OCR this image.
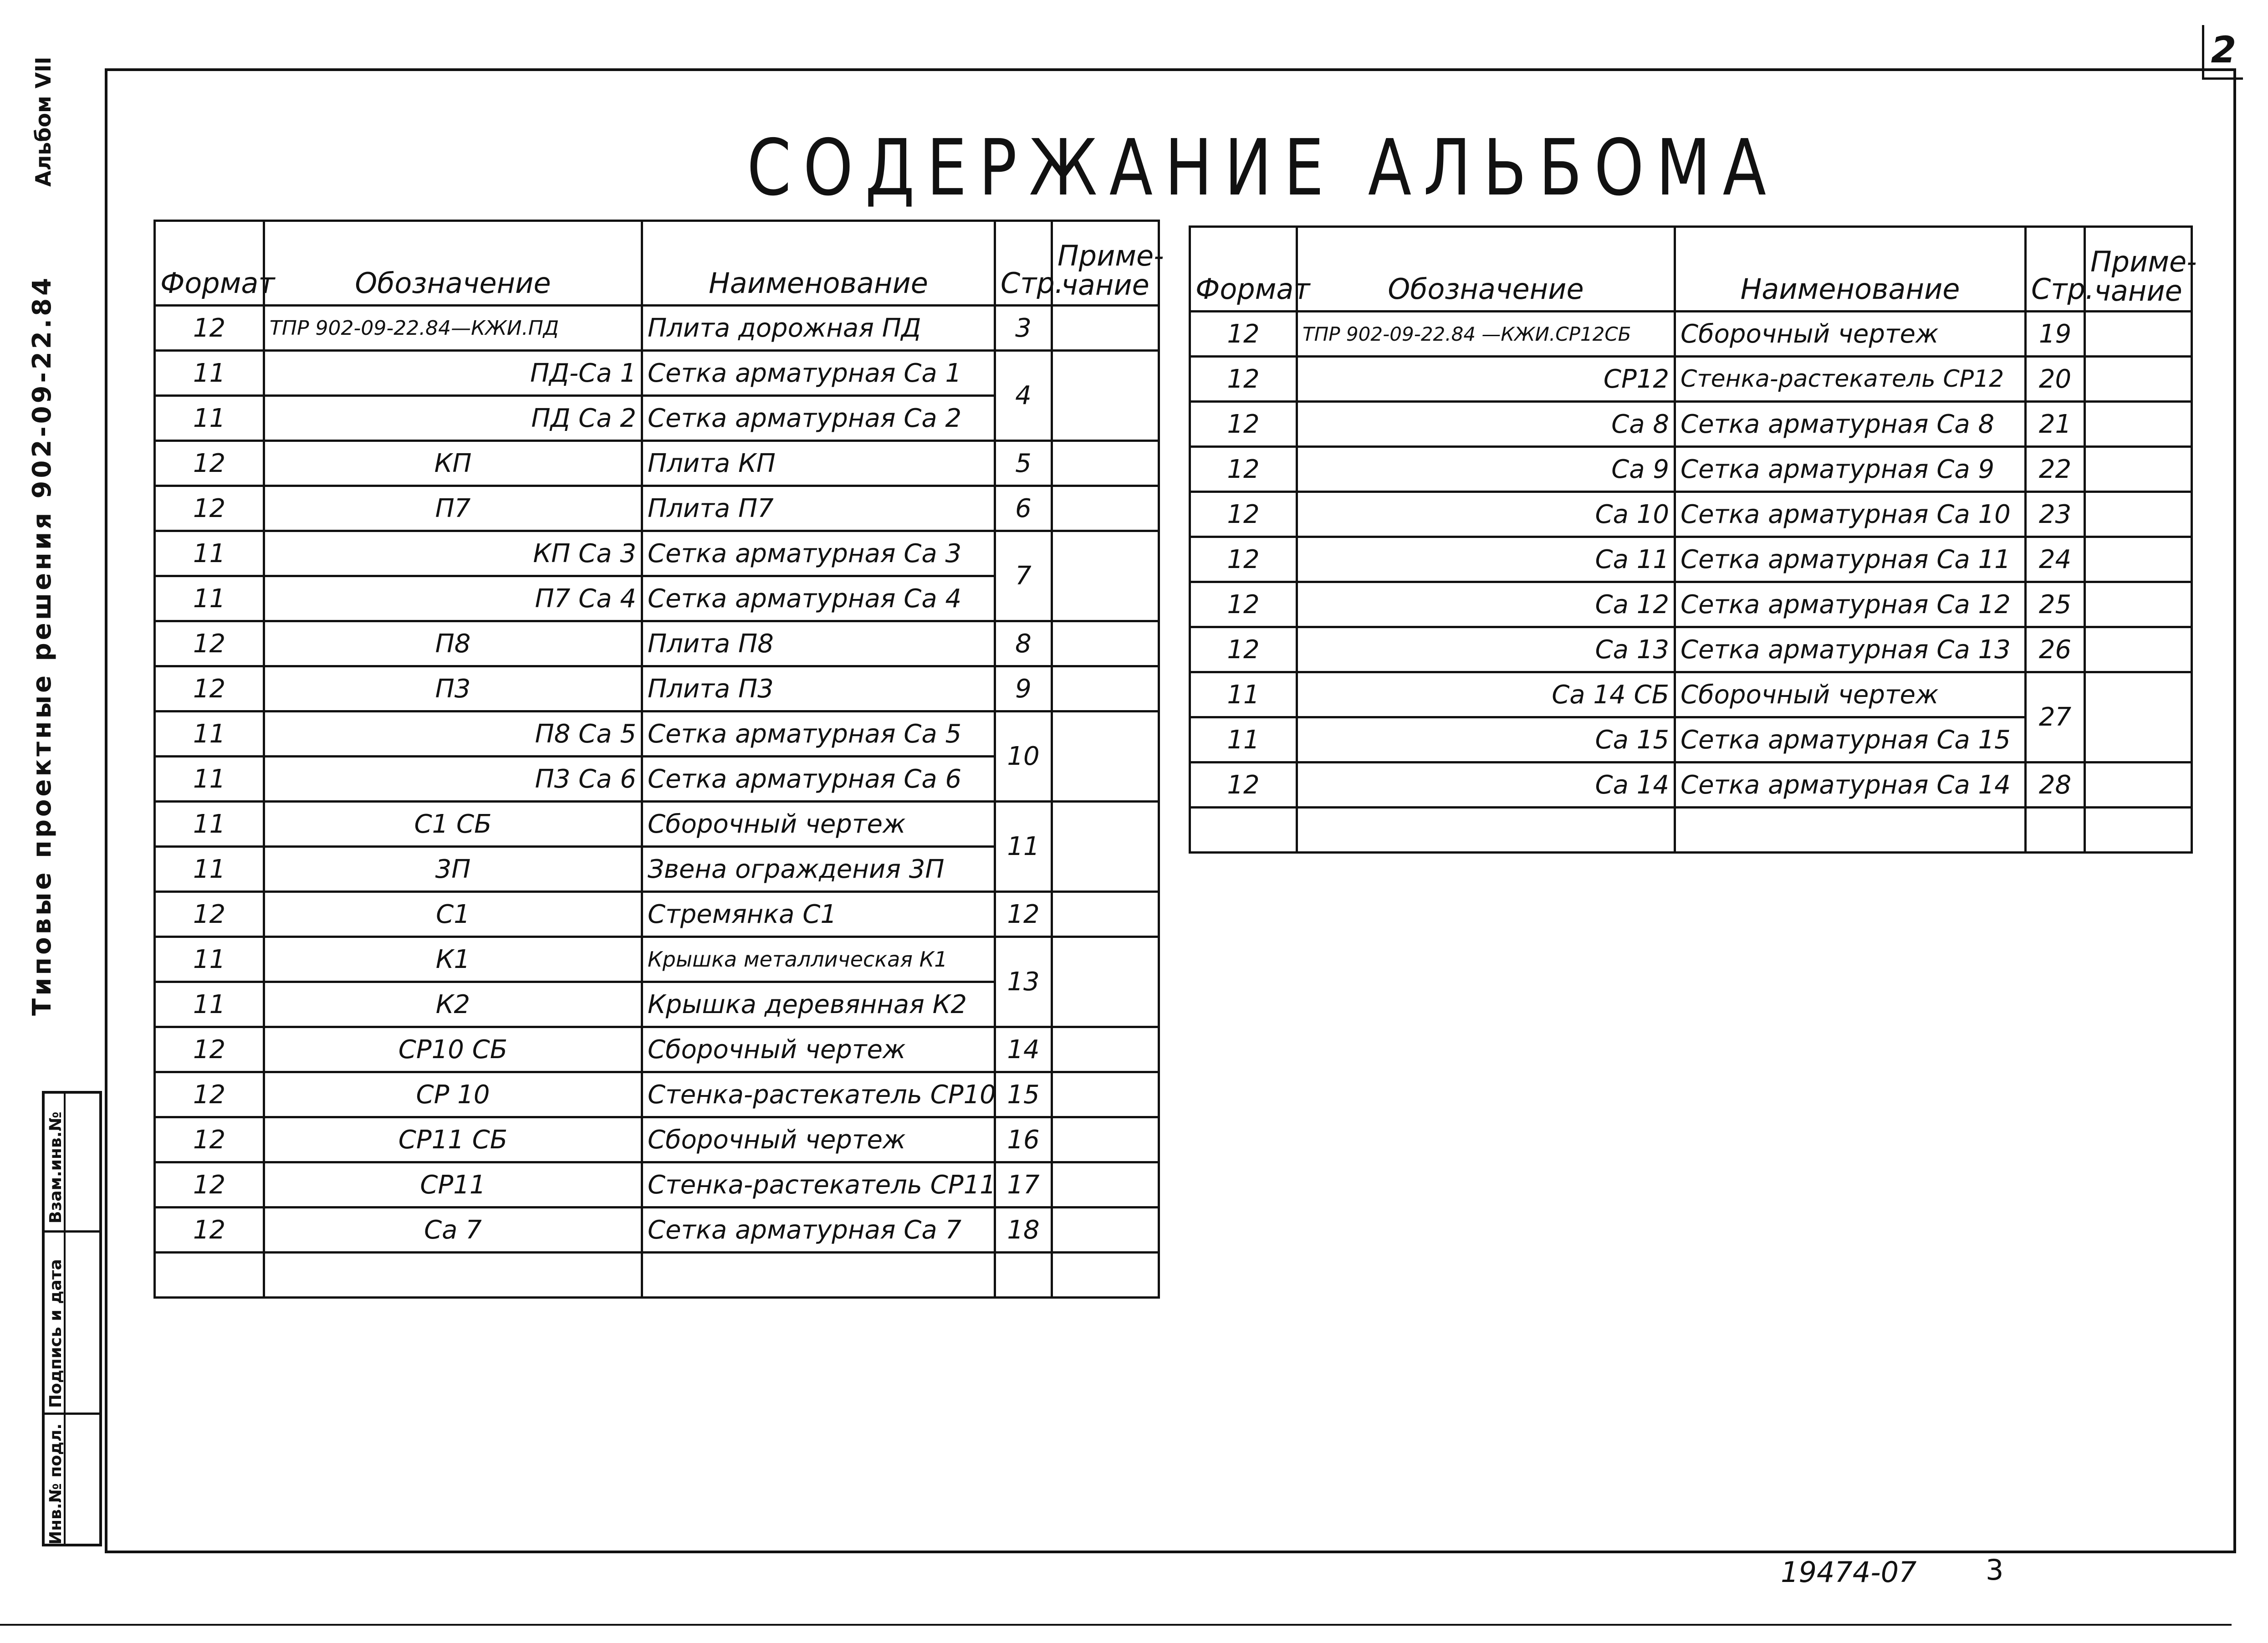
2
СОДЕРЖАНИЕ АЛЬБОМА
Альбом VII
Типовые проектные решения 902-09-22.84
Взам.инв.№
Подпись и дата
Инв.№ подл.
Формат	Обозначение	Наименование	Стр.	Приме-
чание
12	ТПР 902-09-22.84—КЖИ.ПД	Плита дорожная ПД	3	
11	ПД-Са 1	Сетка арматурная Са 1	4	
11	ПД Са 2	Сетка арматурная Са 2		
12	КП	Плита КП	5	
12	П7	Плита П7	6	
11	КП Са 3	Сетка арматурная Са 3	7	
11	П7 Са 4	Сетка арматурная Са 4		
12	П8	Плита П8	8	
12	П3	Плита П3	9	
11	П8 Са 5	Сетка арматурная Са 5	10	
11	П3 Са 6	Сетка арматурная Са 6		
11	С1 СБ	Сборочный чертеж	11	
11	3П	Звена ограждения 3П		
12	С1	Стремянка С1	12	
11	К1	Крышка металлическая К1	13	
11	К2	Крышка деревянная К2		
12	СР10 СБ	Сборочный чертеж	14	
12	СР 10	Стенка-растекатель СР10	15	
12	СР11 СБ	Сборочный чертеж	16	
12	СР11	Стенка-растекатель СР11	17	
12	Са 7	Сетка арматурная Са 7	18	

Формат	Обозначение	Наименование	Стр.	Приме-
чание
12	ТПР 902-09-22.84 —КЖИ.СР12СБ	Сборочный чертеж	19	
12	СР12	Стенка-растекатель СР12	20	
12	Са 8	Сетка арматурная Са 8	21	
12	Са 9	Сетка арматурная Са 9	22	
12	Са 10	Сетка арматурная Са 10	23	
12	Са 11	Сетка арматурная Са 11	24	
12	Са 12	Сетка арматурная Са 12	25	
12	Са 13	Сетка арматурная Са 13	26	
11	Са 14 СБ	Сборочный чертеж	27	
11	Са 15	Сетка арматурная Са 15		
12	Са 14	Сетка арматурная Са 14	28	

19474-07 3
